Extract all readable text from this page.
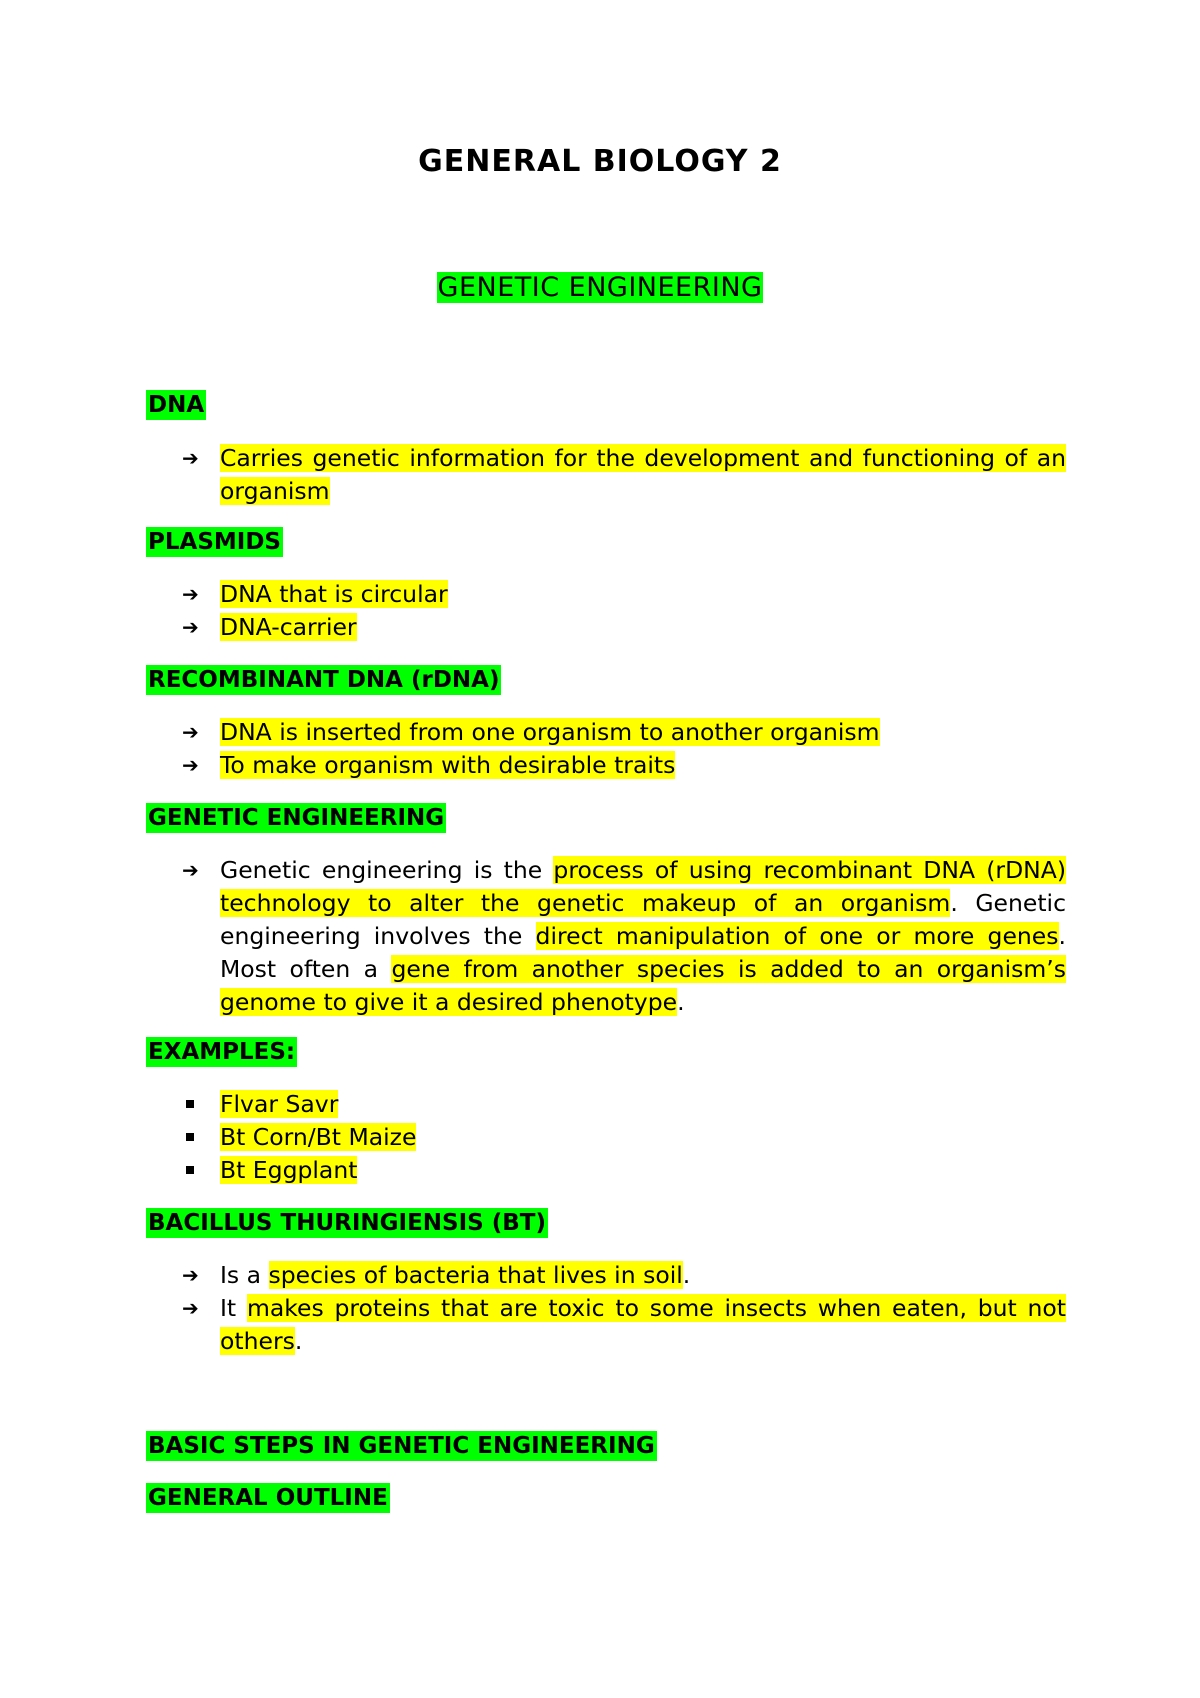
GENERAL BIOLOGY 2
GENETIC ENGINEERING
DNA
➔ Carries genetic information for the development and functioning of an organism
PLASMIDS
➔ DNA that is circular
➔ DNA-carrier
RECOMBINANT DNA (rDNA)
➔ DNA is inserted from one organism to another organism
➔ To make organism with desirable traits
GENETIC ENGINEERING
➔ Genetic engineering is the process of using recombinant DNA (rDNA) technology to alter the genetic makeup of an organism. Genetic engineering involves the direct manipulation of one or more genes. Most often a gene from another species is added to an organism’s genome to give it a desired phenotype.
EXAMPLES:
Flvar Savr
Bt Corn/Bt Maize
Bt Eggplant
BACILLUS THURINGIENSIS (BT)
➔ Is a species of bacteria that lives in soil.
➔ It makes proteins that are toxic to some insects when eaten, but not others.
BASIC STEPS IN GENETIC ENGINEERING
GENERAL OUTLINE
